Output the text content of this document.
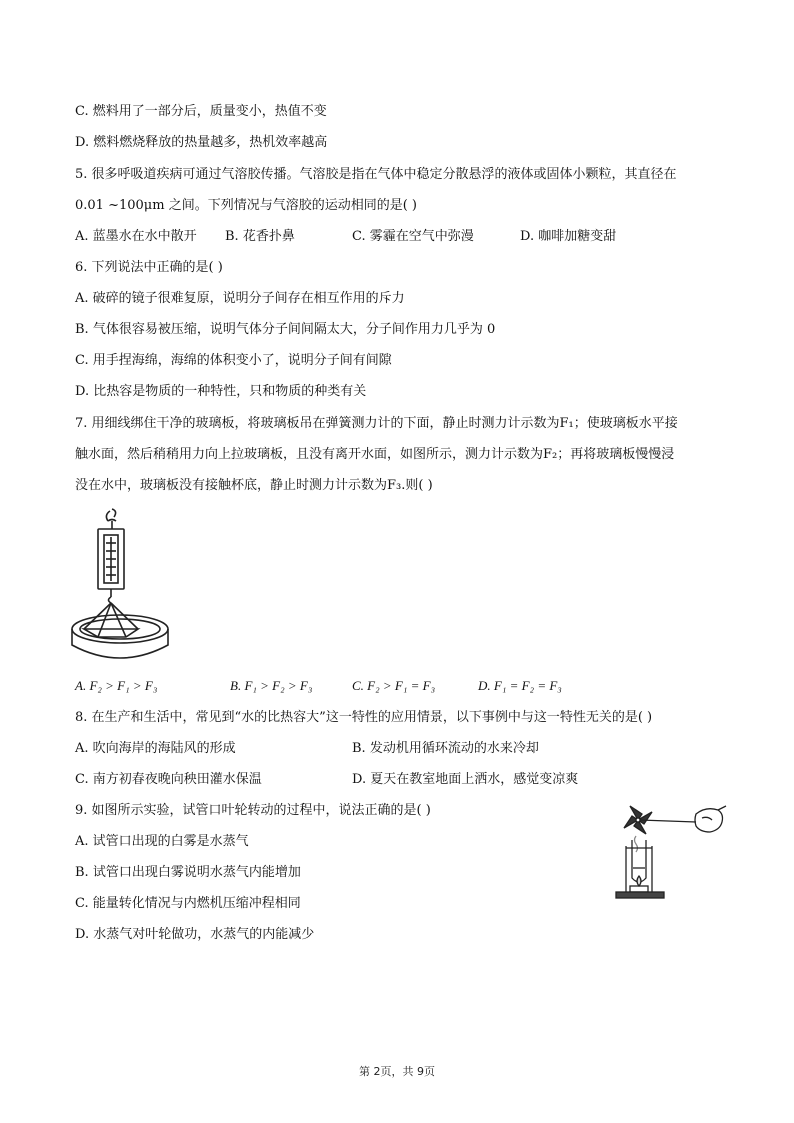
C. 燃料用了一部分后，质量变小，热值不变
D. 燃料燃烧释放的热量越多，热机效率越高
5. 很多呼吸道疾病可通过气溶胶传播。气溶胶是指在气体中稳定分散悬浮的液体或固体小颗粒，其直径在
0.01 ~100μm 之间。下列情况与气溶胶的运动相同的是( )
A. 蓝墨水在水中散开 B. 花香扑鼻	C. 雾霾在空气中弥漫	D. 咖啡加糖变甜
6. 下列说法中正确的是( )
A. 破碎的镜子很难复原，说明分子间存在相互作用的斥力
B. 气体很容易被压缩，说明气体分子间间隔太大，分子间作用力几乎为 0
C. 用手捏海绵，海绵的体积变小了，说明分子间有间隙
D. 比热容是物质的一种特性，只和物质的种类有关
7. 用细线绑住干净的玻璃板，将玻璃板吊在弹簧测力计的下面，静止时测力计示数为F₁；使玻璃板水平接
触水面，然后稍稍用力向上拉玻璃板，且没有离开水面，如图所示，测力计示数为F₂；再将玻璃板慢慢浸
没在水中，玻璃板没有接触杯底，静止时测力计示数为F₃.则( )
A. F₂ > F₁ > F₃	B. F₁ > F₂ > F₃	C. F₂ > F₁ = F₃	D. F₁ = F₂ = F₃
8. 在生产和生活中，常见到“水的比热容大”这一特性的应用情景，以下事例中与这一特性无关的是( )
A. 吹向海岸的海陆风的形成	B. 发动机用循环流动的水来冷却
C. 南方初春夜晚向秧田灌水保温	D. 夏天在教室地面上洒水，感觉变凉爽
9. 如图所示实验，试管口叶轮转动的过程中，说法正确的是( )
A. 试管口出现的白雾是水蒸气
B. 试管口出现白雾说明水蒸气内能增加
C. 能量转化情况与内燃机压缩冲程相同
D. 水蒸气对叶轮做功，水蒸气的内能减少
第 2页，共 9页
